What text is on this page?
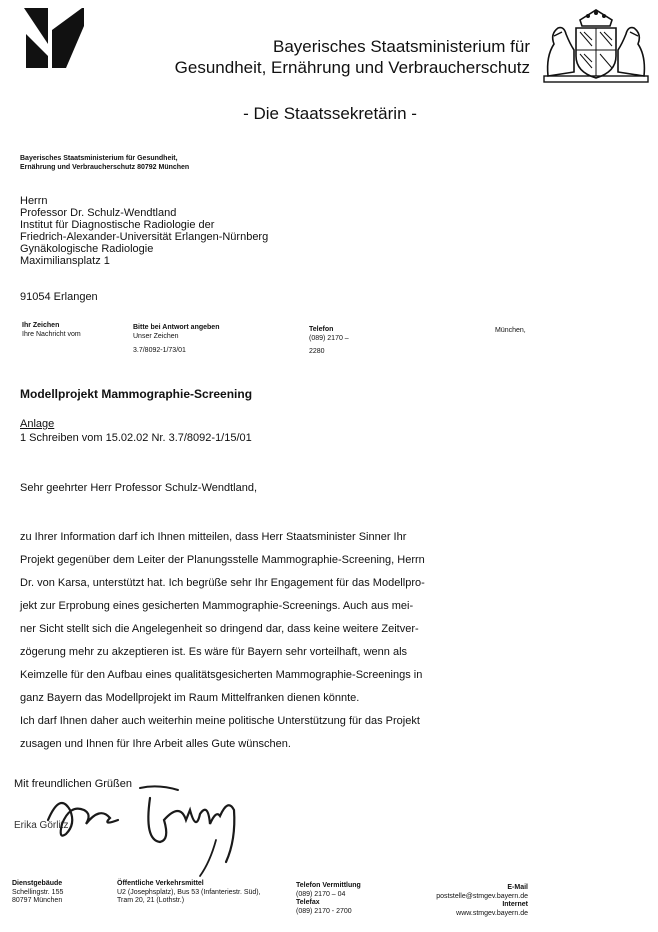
Bayerisches Staatsministerium für
Gesundheit, Ernährung und Verbraucherschutz
- Die Staatssekretärin -
Bayerisches Staatsministerium für Gesundheit,
Ernährung und Verbraucherschutz 80792 München
Herrn
Professor Dr. Schulz-Wendtland
Institut für Diagnostische Radiologie der
Friedrich-Alexander-Universität Erlangen-Nürnberg
Gynäkologische Radiologie
Maximiliansplatz 1
91054 Erlangen
Ihr Zeichen
Ihre Nachricht vom
Bitte bei Antwort angeben
Unser Zeichen
3.7/8092-1/73/01
Telefon
(089) 2170 –
2280
München,
Modellprojekt Mammographie-Screening
Anlage
1 Schreiben vom 15.02.02 Nr. 3.7/8092-1/15/01
Sehr geehrter Herr Professor Schulz-Wendtland,
zu Ihrer Information darf ich Ihnen mitteilen, dass Herr Staatsminister Sinner Ihr
Projekt gegenüber dem Leiter der Planungsstelle Mammographie-Screening, Herrn
Dr. von Karsa, unterstützt hat. Ich begrüße sehr Ihr Engagement für das Modellpro-
jekt zur Erprobung eines gesicherten Mammographie-Screenings. Auch aus mei-
ner Sicht stellt sich die Angelegenheit so dringend dar, dass keine weitere Zeitver-
zögerung mehr zu akzeptieren ist. Es wäre für Bayern sehr vorteilhaft, wenn als
Keimzelle für den Aufbau eines qualitätsgesicherten Mammographie-Screenings in
ganz Bayern das Modellprojekt im Raum Mittelfranken dienen könnte.
Ich darf Ihnen daher auch weiterhin meine politische Unterstützung für das Projekt
zusagen und Ihnen für Ihre Arbeit alles Gute wünschen.
Mit freundlichen Grüßen
Erika Görlitz
Dienstgebäude
Schellingstr. 155
80797 München
Öffentliche Verkehrsmittel
U2 (Josephsplatz), Bus 53 (Infanteriestr. Süd),
Tram 20, 21 (Lothstr.)
Telefon Vermittlung
(089) 2170 – 04
Telefax
(089) 2170 - 2700
E-Mail
poststelle@stmgev.bayern.de
Internet
www.stmgev.bayern.de
